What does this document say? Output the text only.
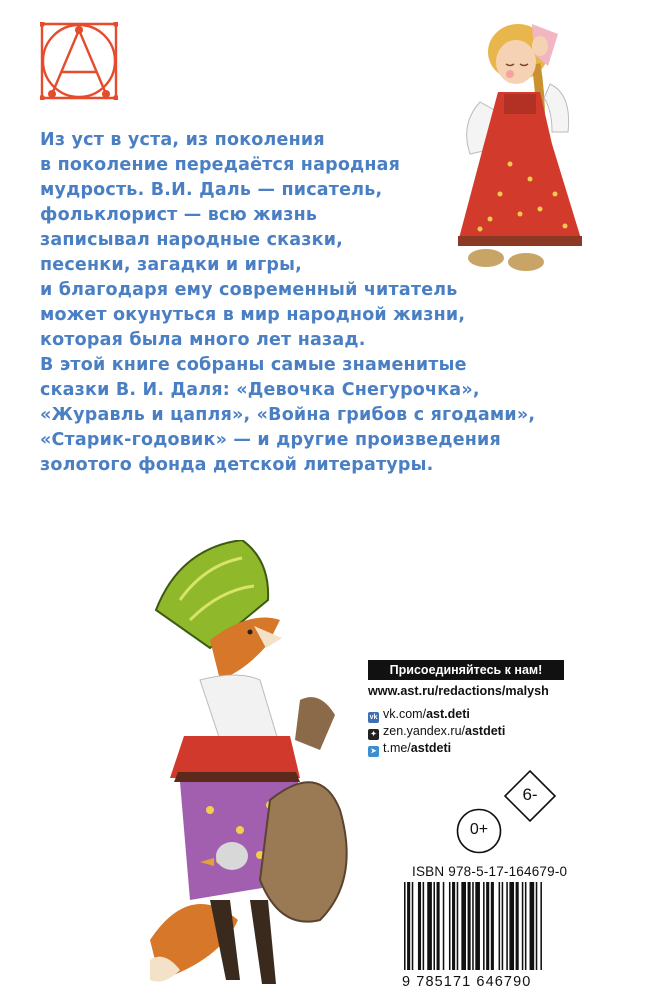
Из уст в уста, из поколения
в поколение передаётся народная
мудрость. В.И. Даль — писатель,
фольклорист — всю жизнь
записывал народные сказки,
песенки, загадки и игры,
и благодаря ему современный читатель
может окунуться в мир народной жизни,
которая была много лет назад.
В этой книге собраны самые знаменитые
сказки В. И. Даля: «Девочка Снегурочка»,
«Журавль и цапля», «Война грибов с ягодами»,
«Старик-годовик» — и другие произведения
золотого фонда детской литературы.
Присоединяйтесь к нам!
www.ast.ru/redactions/malysh
vk vk.com/ast.deti
✦ zen.yandex.ru/astdeti
➤ t.me/astdeti
6-
0+
ISBN 978-5-17-164679-0
9 785171 646790
